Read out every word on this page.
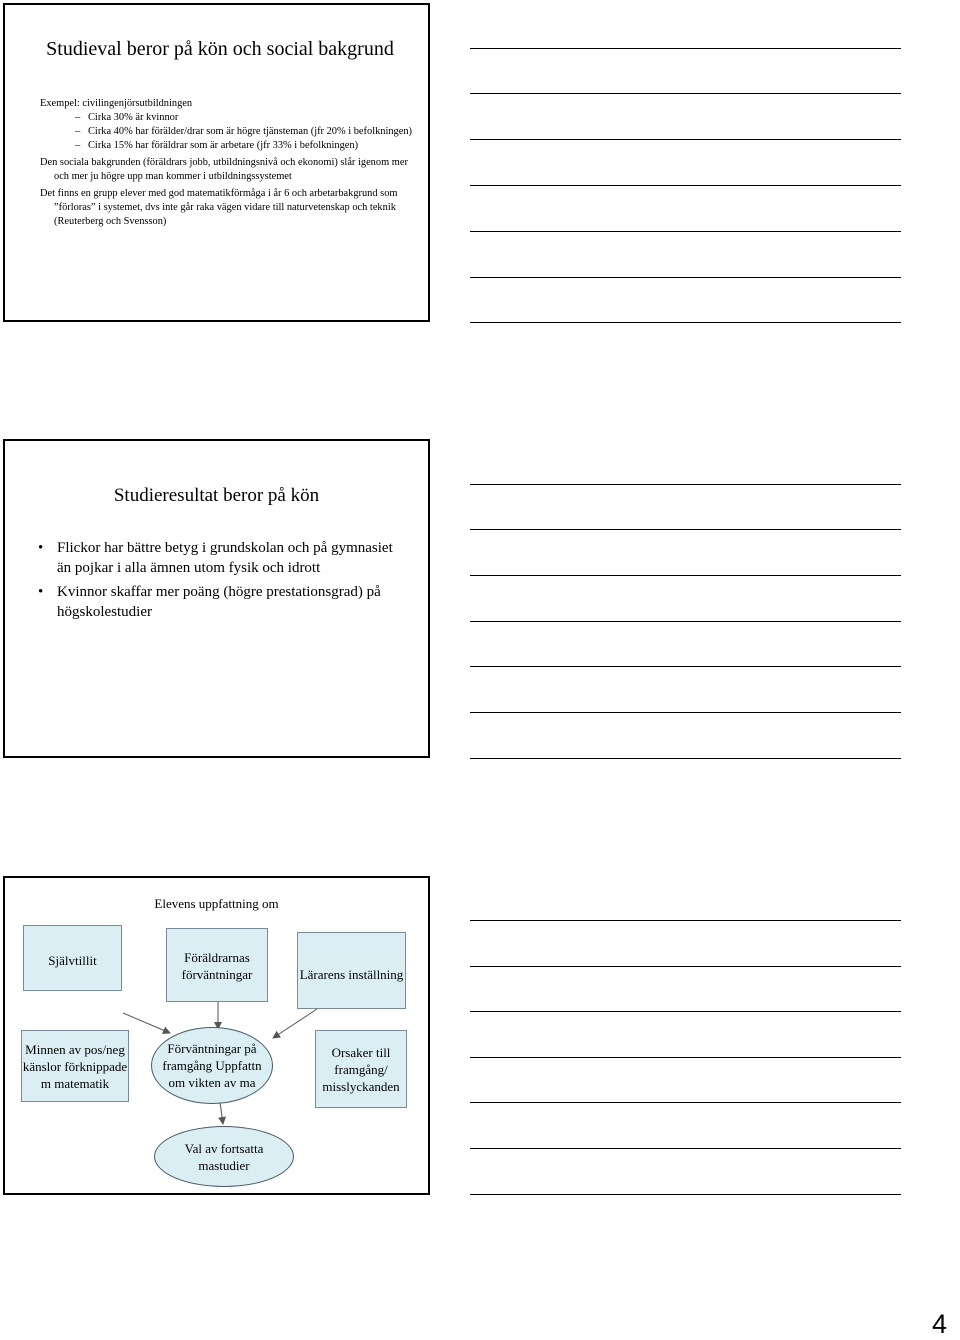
Studieval beror på kön och social bakgrund

Exempel: civilingenjörsutbildningen

– Cirka 30% är kvinnor

– Cirka 40% har förälder/drar som är högre tjänsteman (jfr 20% i befolkningen)

– Cirka 15% har föräldrar som är arbetare (jfr 33% i befolkningen)

Den sociala bakgrunden (föräldrars jobb, utbildningsnivå och ekonomi) slår igenom mer och mer ju högre upp man kommer i utbildningssystemet

Det finns en grupp elever med god matematikförmåga i år 6 och arbetarbakgrund som ”förloras” i systemet, dvs inte går raka vägen vidare till naturvetenskap och teknik (Reuterberg och Svensson)

Studieresultat beror på kön
• Flickor har bättre betyg i grundskolan och på gymnasiet än pojkar i alla ämnen utom fysik och idrott
• Kvinnor skaffar mer poäng (högre prestationsgrad) på högskolestudier
Elevens uppfattning om
Självtillit	Föräldrarnas förväntningar	Lärarens inställning
Minnen av pos/neg känslor förknippade m matematik
Förväntningar på framgång Uppfattn om vikten av ma
Orsaker till framgång/ misslyckanden
Val av fortsatta mastudier
4
